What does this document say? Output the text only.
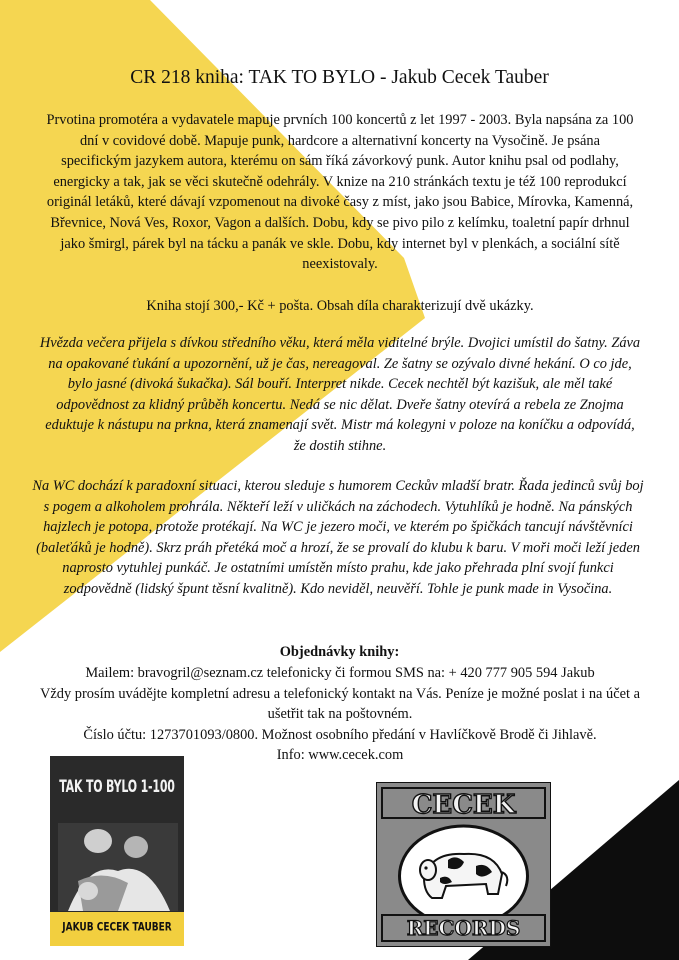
CR 218 kniha: TAK TO BYLO - Jakub Cecek Tauber

Prvotina promotéra a vydavatele mapuje prvních 100 koncertů z let 1997 - 2003. Byla napsána za 100 dní v covidové době. Mapuje punk, hardcore a alternativní koncerty na Vysočině. Je psána specifickým jazykem autora, kterému on sám říká závorkový punk. Autor knihu psal od podlahy, energicky a tak, jak se věci skutečně odehrály. V knize na 210 stránkách textu je též 100 reprodukcí originál letáků, které dávají vzpomenout na divoké časy z míst, jako jsou Babice, Mírovka, Kamenná, Břevnice, Nová Ves, Roxor, Vagon a dalších. Dobu, kdy se pivo pilo z kelímku, toaletní papír drhnul jako šmirgl, párek byl na tácku a panák ve skle. Dobu, kdy internet byl v plenkách, a sociální sítě neexistovaly.

Kniha stojí 300,- Kč + pošta. Obsah díla charakterizují dvě ukázky.

Hvězda večera přijela s dívkou středního věku, která měla viditelné brýle. Dvojici umístil do šatny. Záva na opakované ťukání a upozornění, už je čas, nereagoval. Ze šatny se ozývalo divné hekání. O co jde, bylo jasné (divoká šukačka). Sál bouří. Interpret nikde. Cecek nechtěl být kazišuk, ale měl také odpovědnost za klidný průběh koncertu. Nedá se nic dělat. Dveře šatny otevírá a rebela ze Znojma eduktuje k nástupu na prkna, která znamenají svět. Mistr má kolegyni v poloze na koníčku a odpovídá, že dostih stihne.

Na WC dochází k paradoxní situaci, kterou sleduje s humorem Ceckův mladší bratr. Řada jedinců svůj boj s pogem a alkoholem prohrála. Někteří leží v uličkách na záchodech. Vytuhlíků je hodně. Na pánských hajzlech je potopa, protože protékají. Na WC je jezero moči, ve kterém po špičkách tancují návštěvníci (baleťáků je hodně). Skrz práh přetéká moč a hrozí, že se provalí do klubu k baru. V moři moči leží jeden naprosto vytuhlej punkáč. Je ostatními umístěn místo prahu, kde jako přehrada plní svojí funkci zodpovědně (lidský špunt těsní kvalitně). Kdo neviděl, neuvěří. Tohle je punk made in Vysočina.

Objednávky knihy:

Mailem: bravogril@seznam.cz telefonicky či formou SMS na: + 420 777 905 594 Jakub
Vždy prosím uvádějte kompletní adresu a telefonický kontakt na Vás. Peníze je možné poslat i na účet a ušetřit tak na poštovném.
Číslo účtu: 1273701093/0800. Možnost osobního předání v Havlíčkově Brodě či Jihlavě.
Info: www.cecek.com
TAK TO BYLO 1-100
JAKUB CECEK TAUBER
CECEK
RECORDS
